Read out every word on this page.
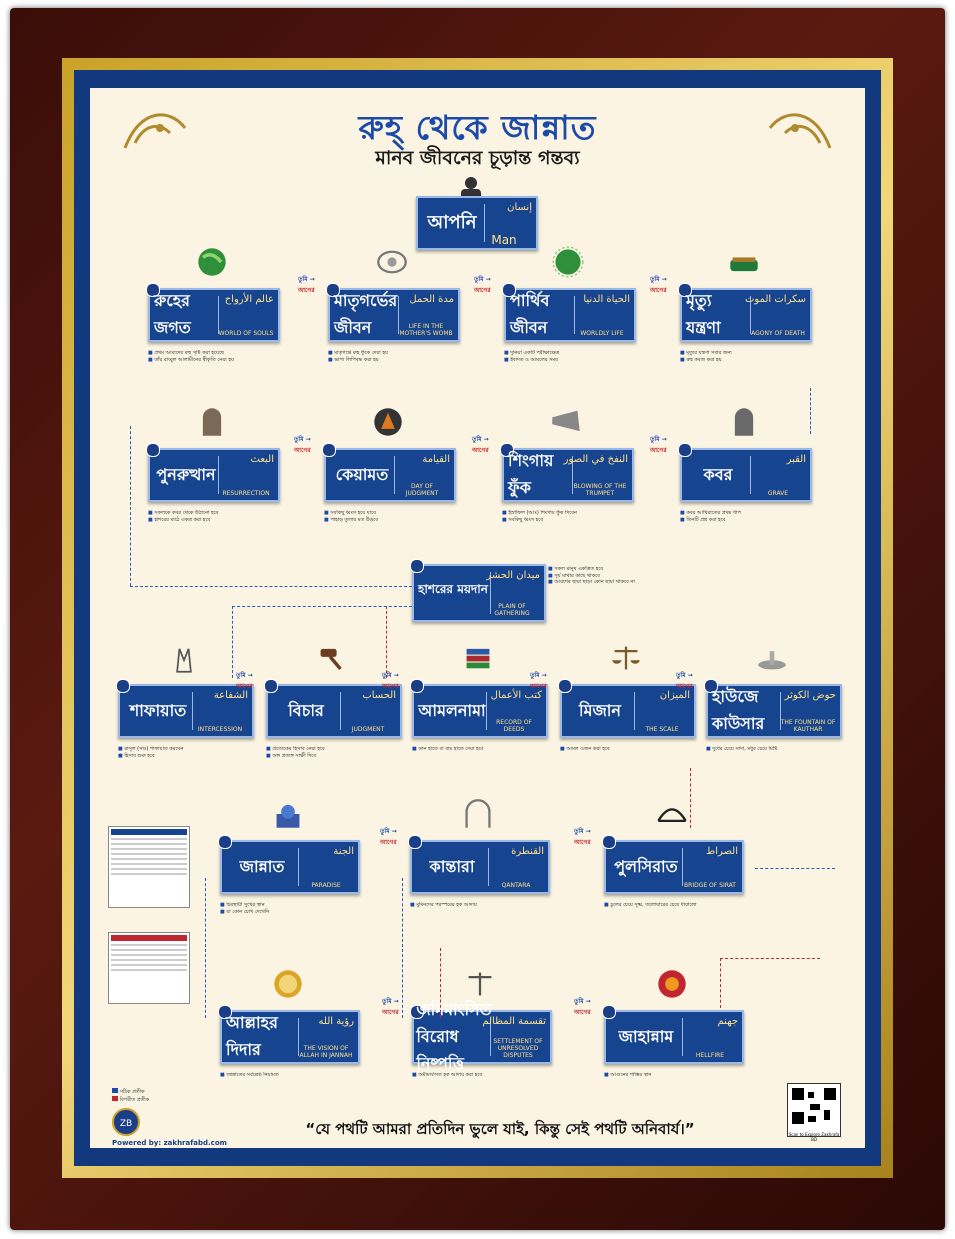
রুহ্ থেকে জান্নাত
মানব জীবনের চূড়ান্ত গন্তব্য
আপনি
إنسان
Man
রুহের জগত
عالم الأرواح
WORLD OF SOULS
■ প্রথম আমাদের রুহ সৃষ্টি করা হয়েছে
■ তাঁর রাব্বুল আলামীনের স্বীকৃতি নেয়া হয়
মাতৃগর্ভের জীবন
مدة الحمل
LIFE IN THE MOTHER'S WOMB
■ মাতৃগর্ভে রুহ ফুঁকে দেয়া হয়
■ ভাগ্য লিপিবদ্ধ করা হয়
তুমি →
আগের
পার্থিব জীবন
الحياة الدنيا
WORLDLY LIFE
■ দুনিয়া একটি পরীক্ষাক্ষেত্র
■ ইবাদত ও আমলের সময়
তুমি →
আগের
মৃত্যু যন্ত্রণা
سكرات الموت
AGONY OF DEATH
■ মৃত্যুর যন্ত্রণা সবার জন্য
■ রুহ কবজ করা হয়
তুমি →
আগের
পুনরুত্থান
البعث
RESURRECTION
■ সকলকে কবর থেকে উঠানো হবে
■ হাশরের মাঠে একত্র করা হবে
কেয়ামত
القيامة
DAY OF JUDGMENT
■ সবকিছু ধ্বংস হয়ে যাবে
■ পাহাড় তুলার মত উড়বে
তুমি →
আগের
শিংগায় ফুঁক
النفخ في الصور
BLOWING OF THE TRUMPET
■ ইস্রাফিল (আঃ) শিংগায় ফুঁক দিবেন
■ সবকিছু ধ্বংস হবে
তুমি →
আগের
কবর
القبر
GRAVE
■ কবর আখিরাতের প্রথম ধাপ
■ তিনটি প্রশ্ন করা হবে
তুমি →
আগের
শাফায়াত
الشفاعة
INTERCESSION
■ রাসূল (সাঃ) শাফায়াত করবেন
■ হিসাব শুরু হবে
বিচার
الحساب
JUDGMENT
■ প্রত্যেকের হিসাব নেয়া হবে
■ অঙ্গ প্রত্যঙ্গ সাক্ষী দিবে
তুমি →
আগের
আমলনামা
كتب الأعمال
RECORD OF DEEDS
■ ডান হাতে বা বাম হাতে দেয়া হবে
তুমি →
আগের
মিজান
الميزان
THE SCALE
■ আমল ওজন করা হবে
তুমি →
আগের
হাউজে কাউসার
حوض الكوثر
THE FOUNTAIN OF KAUTHAR
■ দুধের চেয়ে সাদা, মধুর চেয়ে মিষ্টি
তুমি →
আগের
জান্নাত
الجنة
PARADISE
■ চিরস্থায়ী সুখের স্থান
■ যা কোন চোখ দেখেনি
কান্তারা
القنطرة
QANTARA
■ মুমিনদের পরস্পরের হক আদায়
তুমি →
আগের
পুলসিরাত
الصراط
BRIDGE OF SIRAT
■ চুলের চেয়ে সূক্ষ্ম, তলোয়ারের চেয়ে ধারালো
তুমি →
আগের
আল্লাহর দিদার
رؤية الله
THE VISION OF ALLAH IN JANNAH
■ জান্নাতের সর্বশ্রেষ্ঠ নিয়ামত
জমিমাংসিত বিরোধ নিষ্পত্তি
تقسمة المظالم
SETTLEMENT OF UNRESOLVED DISPUTES
■ অমীমাংসিত হক আদায় করা হবে
তুমি →
আগের
জাহান্নাম
جهنم
HELLFIRE
■ আগুনের শাস্তির স্থান
তুমি →
আগের
হাশরের ময়দান
ميدان الحشر
PLAIN OF GATHERING
■ সকল মানুষ একত্রিত হবে
■ সূর্য মাথার কাছে থাকবে
■ আরশের ছায়া ছাড়া কোন ছায়া থাকবে না
সঠিক প্রতীক
বিপরীত প্রতীক
ZB
Powered by: zakhrafabd.com
Scan to Explore Zakhrafa BD
“যে পথটি আমরা প্রতিদিন ভুলে যাই, কিন্তু সেই পথটি অনিবার্য।”
